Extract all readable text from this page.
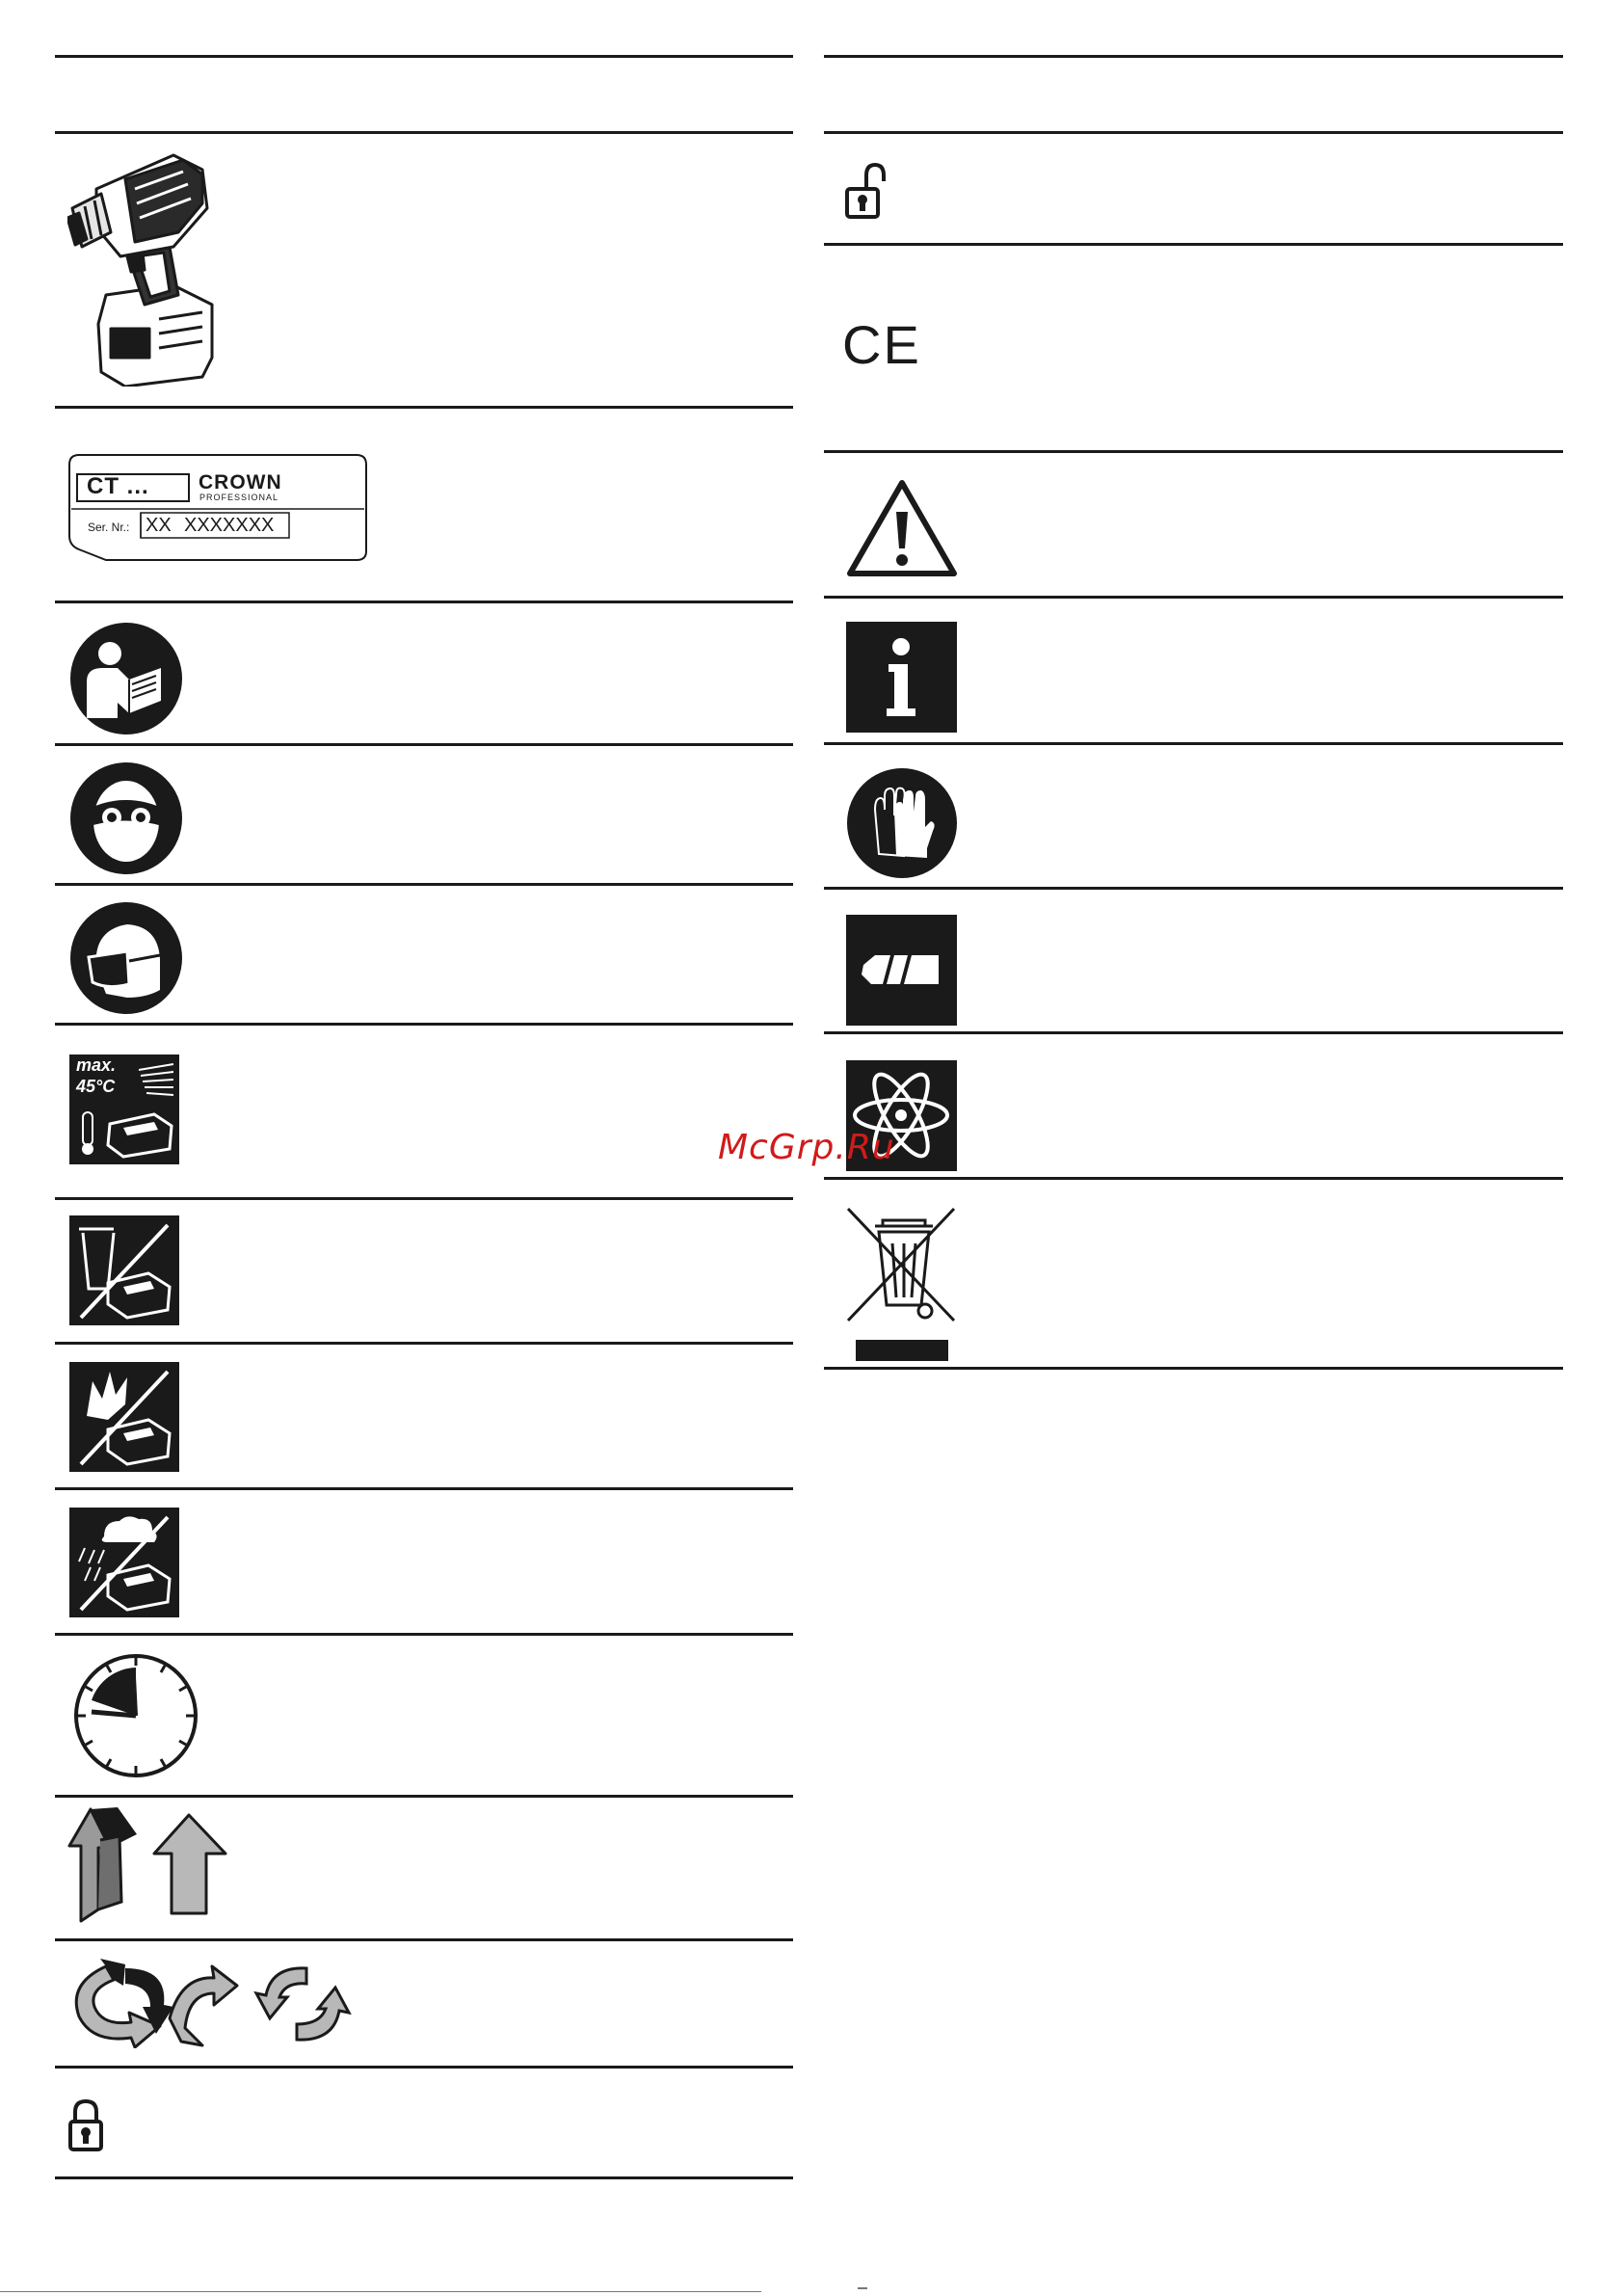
CT ... CROWN
PROFESSIONAL
Ser. Nr.: XX XXXXXXX
max.
45°C
CE
McGrp.Ru
